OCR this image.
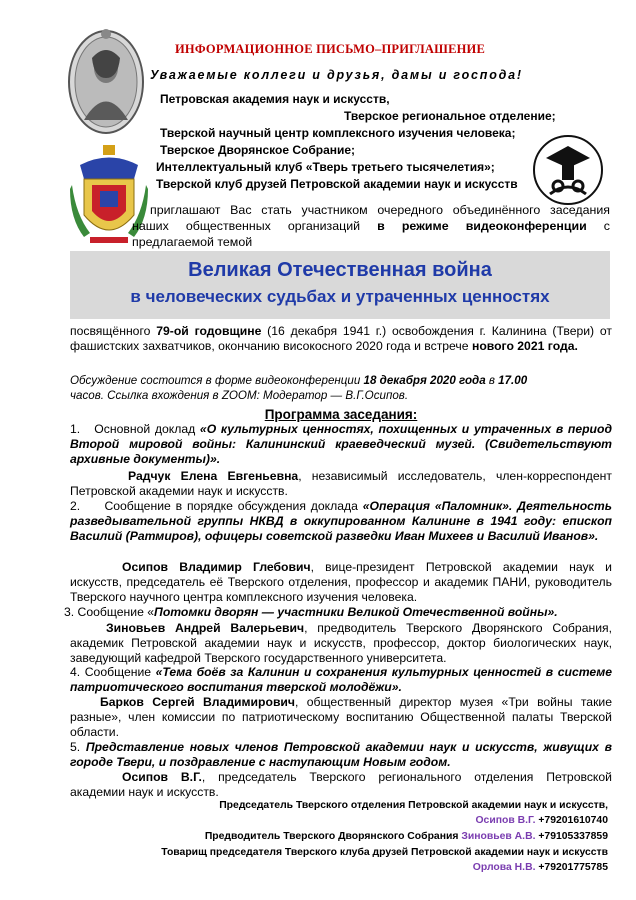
ИНФОРМАЦИОННОЕ ПИСЬМО–ПРИГЛАШЕНИЕ
Уважаемые коллеги и друзья, дамы и господа!
Петровская академия наук и искусств,
Тверское региональное отделение;
Тверской научный центр комплексного изучения человека;
Тверское Дворянское Собрание;
Интеллектуальный клуб «Тверь третьего тысячелетия»;
Тверской клуб друзей Петровской академии наук и искусств
приглашают Вас стать участником очередного объединённого заседания наших общественных организаций в режиме видеоконференции с предлагаемой темой
Великая Отечественная война
в человеческих судьбах и утраченных ценностях
посвящённого 79-ой годовщине (16 декабря 1941 г.) освобождения г. Калинина (Твери) от фашистских захватчиков, окончанию високосного 2020 года и встрече нового 2021 года.
Обсуждение состоится в форме видеоконференции 18 декабря 2020 года в 17.00
часов. Ссылка вхождения в ZOOM: Модератор — В.Г.Осипов.
Программа заседания:
1. Основной доклад «О культурных ценностях, похищенных и утраченных в период Второй мировой войны: Калининский краеведческий музей. (Свидетельствуют архивные документы)».
Радчук Елена Евгеньевна, независимый исследователь, член-корреспондент Петровской академии наук и искусств.
2. Сообщение в порядке обсуждения доклада «Операция «Паломник». Деятельность разведывательной группы НКВД в оккупированном Калинине в 1941 году: епископ Василий (Ратмиров), офицеры советской разведки Иван Михеев и Василий Иванов».
Осипов Владимир Глебович, вице-президент Петровской академии наук и искусств, председатель её Тверского отделения, профессор и академик ПАНИ, руководитель Тверского научного центра комплексного изучения человека.
3. Сообщение «Потомки дворян — участники Великой Отечественной войны».
Зиновьев Андрей Валерьевич, предводитель Тверского Дворянского Собрания, академик Петровской академии наук и искусств, профессор, доктор биологических наук, заведующий кафедрой Тверского государственного университета.
4. Сообщение «Тема боёв за Калинин и сохранения культурных ценностей в системе патриотического воспитания тверской молодёжи».
Барков Сергей Владимирович, общественный директор музея «Три войны такие разные», член комиссии по патриотическому воспитанию Общественной палаты Тверской области.
5. Представление новых членов Петровской академии наук и искусств, живущих в городе Твери, и поздравление с наступающим Новым годом.
Осипов В.Г., председатель Тверского регионального отделения Петровской академии наук и искусств.
Председатель Тверского отделения Петровской академии наук и искусств,
Осипов В.Г. +79201610740
Предводитель Тверского Дворянского Собрания Зиновьев А.В. +79105337859
Товарищ председателя Тверского клуба друзей Петровской академии наук и искусств
Орлова Н.В. +79201775785
